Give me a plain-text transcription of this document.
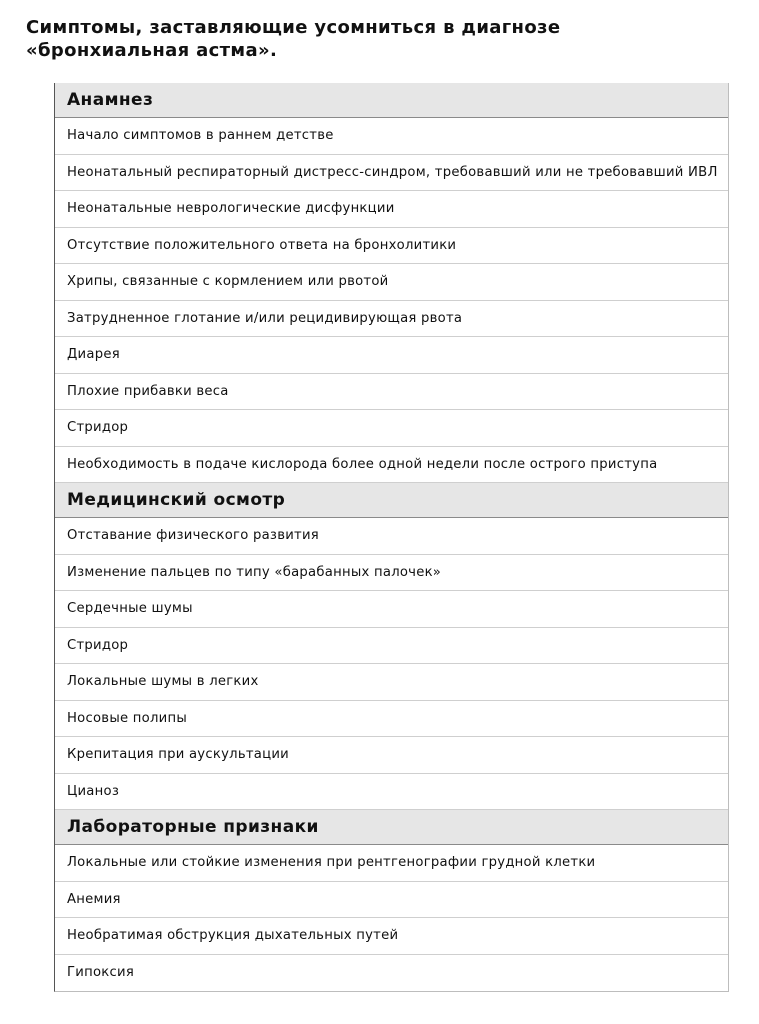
Симптомы, заставляющие усомниться в диагнозе «бронхиальная астма».
Анамнез
Начало симптомов в раннем детстве
Неонатальный респираторный дистресс-синдром, требовавший или не требовавший ИВЛ
Неонатальные неврологические дисфункции
Отсутствие положительного ответа на бронхолитики
Хрипы, связанные с кормлением или рвотой
Затрудненное глотание и/или рецидивирующая рвота
Диарея
Плохие прибавки веса
Стридор
Необходимость в подаче кислорода более одной недели после острого приступа
Медицинский осмотр
Отставание физического развития
Изменение пальцев по типу «барабанных палочек»
Сердечные шумы
Стридор
Локальные шумы в легких
Носовые полипы
Крепитация при аускультации
Цианоз
Лабораторные признаки
Локальные или стойкие изменения при рентгенографии грудной клетки
Анемия
Необратимая обструкция дыхательных путей
Гипоксия
